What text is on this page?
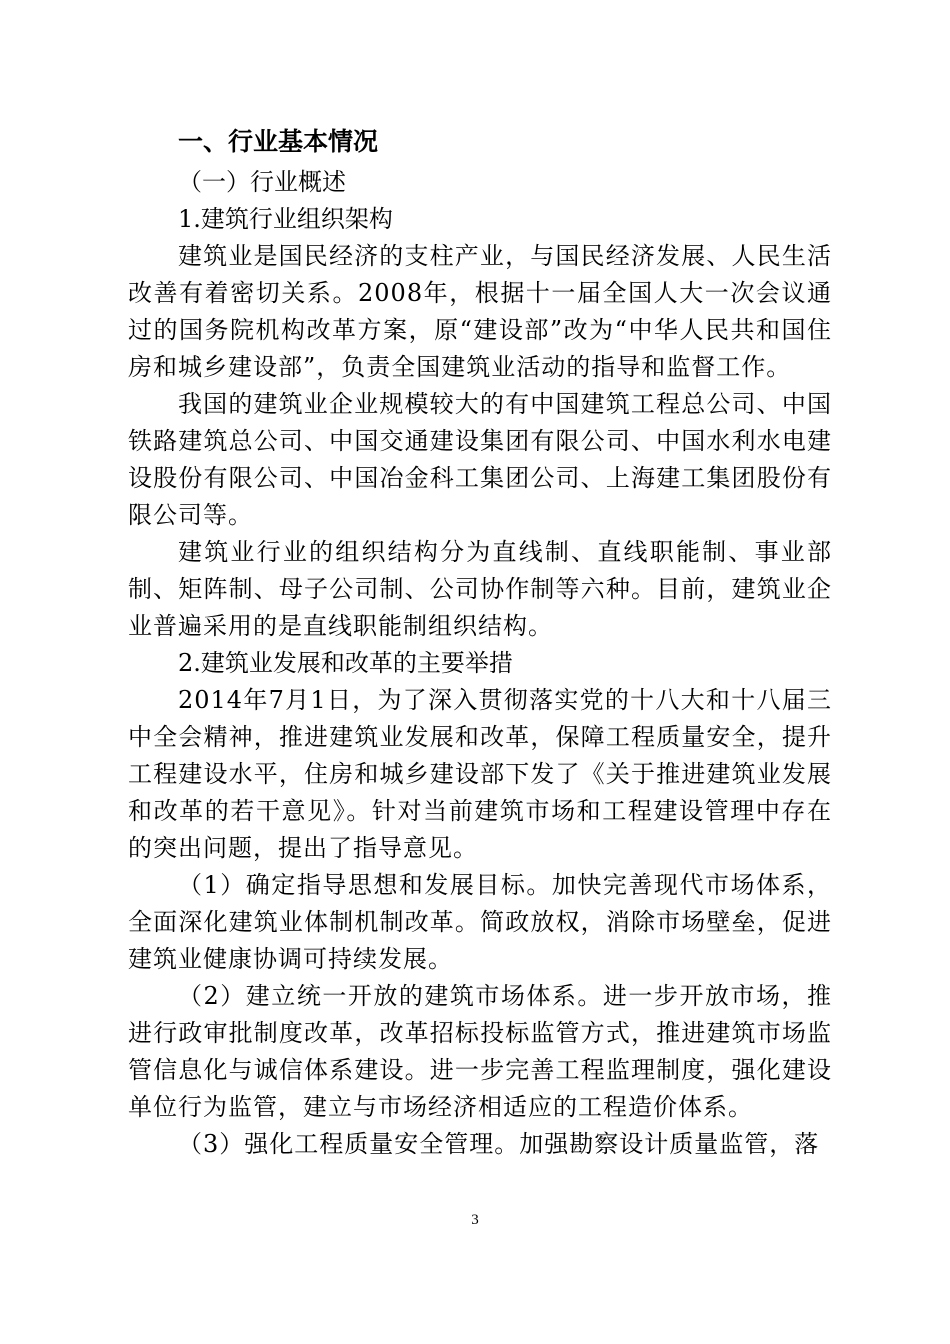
一、行业基本情况
（一）行业概述
1.建筑行业组织架构

建筑业是国民经济的支柱产业，与国民经济发展、人民生活改善有着密切关系。2008年，根据十一届全国人大一次会议通过的国务院机构改革方案，原“建设部”改为“中华人民共和国住房和城乡建设部”，负责全国建筑业活动的指导和监督工作。

我国的建筑业企业规模较大的有中国建筑工程总公司、中国铁路建筑总公司、中国交通建设集团有限公司、中国水利水电建设股份有限公司、中国冶金科工集团公司、上海建工集团股份有限公司等。

建筑业行业的组织结构分为直线制、直线职能制、事业部制、矩阵制、母子公司制、公司协作制等六种。目前，建筑业企业普遍采用的是直线职能制组织结构。

2.建筑业发展和改革的主要举措

2014年7月1日，为了深入贯彻落实党的十八大和十八届三中全会精神，推进建筑业发展和改革，保障工程质量安全，提升工程建设水平，住房和城乡建设部下发了《关于推进建筑业发展和改革的若干意见》。针对当前建筑市场和工程建设管理中存在的突出问题，提出了指导意见。

（1）确定指导思想和发展目标。加快完善现代市场体系，全面深化建筑业体制机制改革。简政放权，消除市场壁垒，促进建筑业健康协调可持续发展。

（2）建立统一开放的建筑市场体系。进一步开放市场，推进行政审批制度改革，改革招标投标监管方式，推进建筑市场监管信息化与诚信体系建设。进一步完善工程监理制度，强化建设单位行为监管，建立与市场经济相适应的工程造价体系。

（3）强化工程质量安全管理。加强勘察设计质量监管，落

3
